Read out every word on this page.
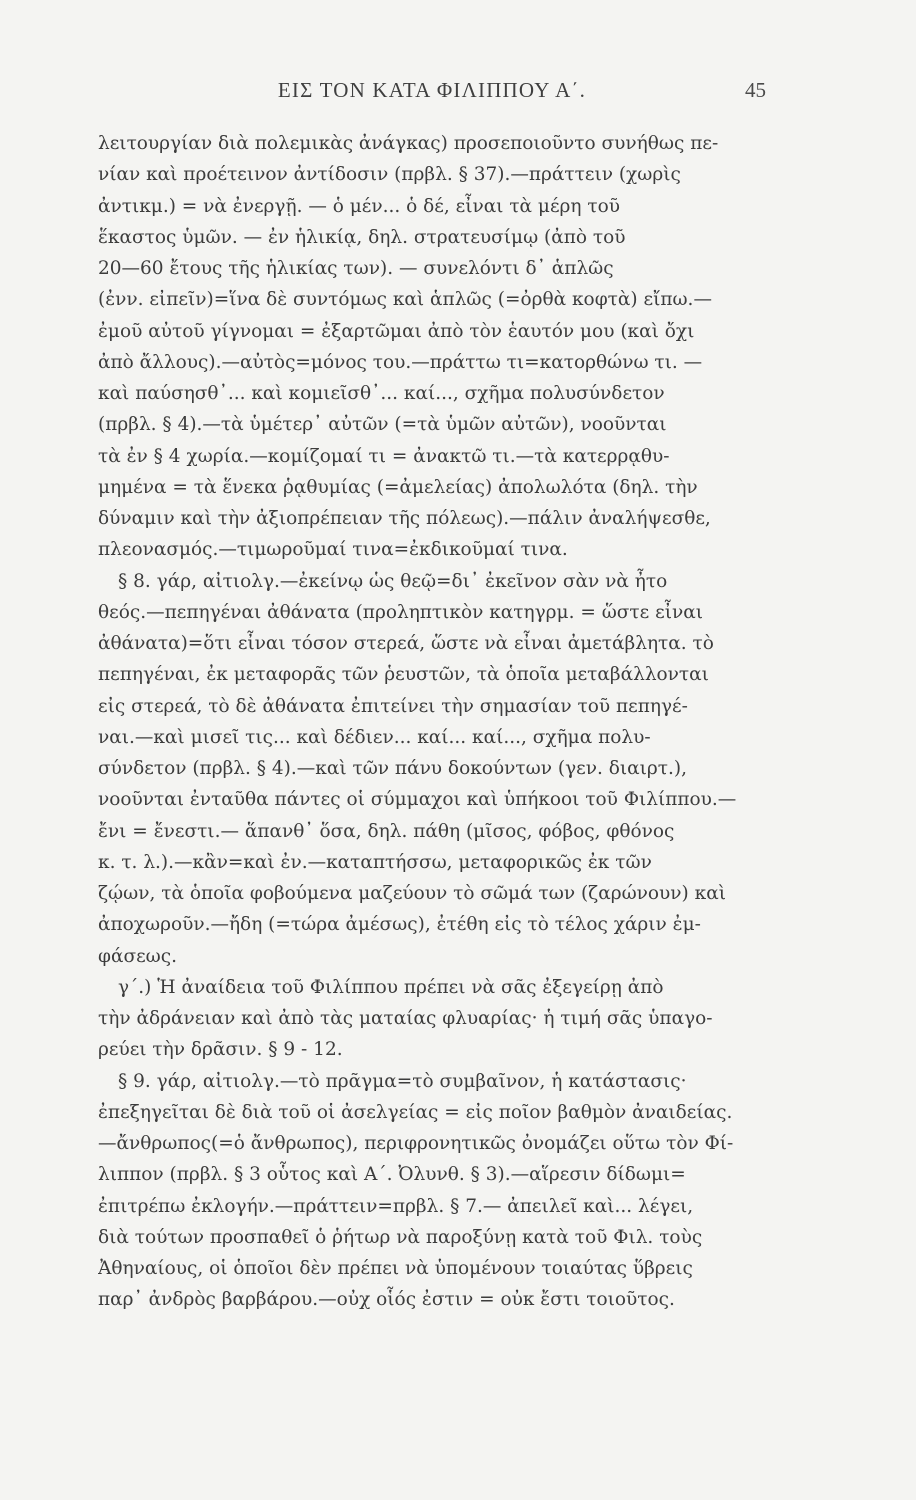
ΕΙΣ ΤΟΝ ΚΑΤΑ ΦΙΛΙΠΠΟΥ Α΄.	45
λειτουργίαν διὰ πολεμικὰς ἀνάγκας) προσεποιοῦντο συνήθως πε-
νίαν καὶ προέτεινον ἀντίδοσιν (πρβλ. § 37).—πράττειν (χωρὶς
ἀντικμ.) = νὰ ἐνεργῇ. — ὁ μέν... ὁ δέ, εἶναι τὰ μέρη τοῦ
ἕκαστος ὑμῶν. — ἐν ἡλικίᾳ, δηλ. στρατευσίμῳ (ἀπὸ τοῦ
20—60 ἔτους τῆς ἡλικίας των). — συνελόντι δ᾿ ἁπλῶς
(ἐνν. εἰπεῖν)=ἵνα δὲ συντόμως καὶ ἁπλῶς (=ὀρθὰ κοφτὰ) εἴπω.—
ἐμοῦ αὐτοῦ γίγνομαι = ἐξαρτῶμαι ἀπὸ τὸν ἑαυτόν μου (καὶ ὄχι
ἀπὸ ἄλλους).—αὐτὸς=μόνος του.—πράττω τι=κατορθώνω τι. —
καὶ παύσησθ᾿... καὶ κομιεῖσθ᾿... καί..., σχῆμα πολυσύνδετον
(πρβλ. § 4).—τὰ ὑμέτερ᾿ αὐτῶν (=τὰ ὑμῶν αὐτῶν), νοοῦνται
τὰ ἐν § 4 χωρία.—κομίζομαί τι = ἀνακτῶ τι.—τὰ κατερρᾳθυ-
μημένα = τὰ ἕνεκα ῥᾳθυμίας (=ἀμελείας) ἀπολωλότα (δηλ. τὴν
δύναμιν καὶ τὴν ἀξιοπρέπειαν τῆς πόλεως).—πάλιν ἀναλήψεσθε,
πλεονασμός.—τιμωροῦμαί τινα=ἐκδικοῦμαί τινα.
§ 8. γάρ, αἰτιολγ.—ἐκείνῳ ὡς θεῷ=δι᾿ ἐκεῖνον σὰν νὰ ἦτο
θεός.—πεπηγέναι ἀθάνατα (προληπτικὸν κατηγρμ. = ὥστε εἶναι
ἀθάνατα)=ὅτι εἶναι τόσον στερεά, ὥστε νὰ εἶναι ἀμετάβλητα. τὸ
πεπηγέναι, ἐκ μεταφορᾶς τῶν ῥευστῶν, τὰ ὁποῖα μεταβάλλονται
εἰς στερεά, τὸ δὲ ἀθάνατα ἐπιτείνει τὴν σημασίαν τοῦ πεπηγέ-
ναι.—καὶ μισεῖ τις... καὶ δέδιεν... καί... καί..., σχῆμα πολυ-
σύνδετον (πρβλ. § 4).—καὶ τῶν πάνυ δοκούντων (γεν. διαιρτ.),
νοοῦνται ἐνταῦθα πάντες οἱ σύμμαχοι καὶ ὑπήκοοι τοῦ Φιλίππου.—
ἔνι = ἔνεστι.— ἅπανθ᾿ ὅσα, δηλ. πάθη (μῖσος, φόβος, φθόνος
κ. τ. λ.).—κἂν=καὶ ἐν.—καταπτήσσω, μεταφορικῶς ἐκ τῶν
ζῴων, τὰ ὁποῖα φοβούμενα μαζεύουν τὸ σῶμά των (ζαρώνουν) καὶ
ἀποχωροῦν.—ἤδη (=τώρα ἀμέσως), ἐτέθη εἰς τὸ τέλος χάριν ἐμ-
φάσεως.
γ΄.) Ἡ ἀναίδεια τοῦ Φιλίππου πρέπει νὰ σᾶς ἐξεγείρῃ ἀπὸ
τὴν ἀδράνειαν καὶ ἀπὸ τὰς ματαίας φλυαρίας· ἡ τιμή σᾶς ὑπαγο-
ρεύει τὴν δρᾶσιν. § 9 - 12.
§ 9. γάρ, αἰτιολγ.—τὸ πρᾶγμα=τὸ συμβαῖνον, ἡ κατάστασις·
ἐπεξηγεῖται δὲ διὰ τοῦ οἱ ἀσελγείας = εἰς ποῖον βαθμὸν ἀναιδείας.
—ἄνθρωπος(=ὁ ἄνθρωπος), περιφρονητικῶς ὀνομάζει οὕτω τὸν Φί-
λιππον (πρβλ. § 3 οὗτος καὶ Α΄. Ὀλυνθ. § 3).—αἵρεσιν δίδωμι=
ἐπιτρέπω ἐκλογήν.—πράττειν=πρβλ. § 7.— ἀπειλεῖ καὶ... λέγει,
διὰ τούτων προσπαθεῖ ὁ ῥήτωρ νὰ παροξύνῃ κατὰ τοῦ Φιλ. τοὺς
Ἀθηναίους, οἱ ὁποῖοι δὲν πρέπει νὰ ὑπομένουν τοιαύτας ὕβρεις
παρ᾿ ἀνδρὸς βαρβάρου.—οὐχ οἷός ἐστιν = οὐκ ἔστι τοιοῦτος.
